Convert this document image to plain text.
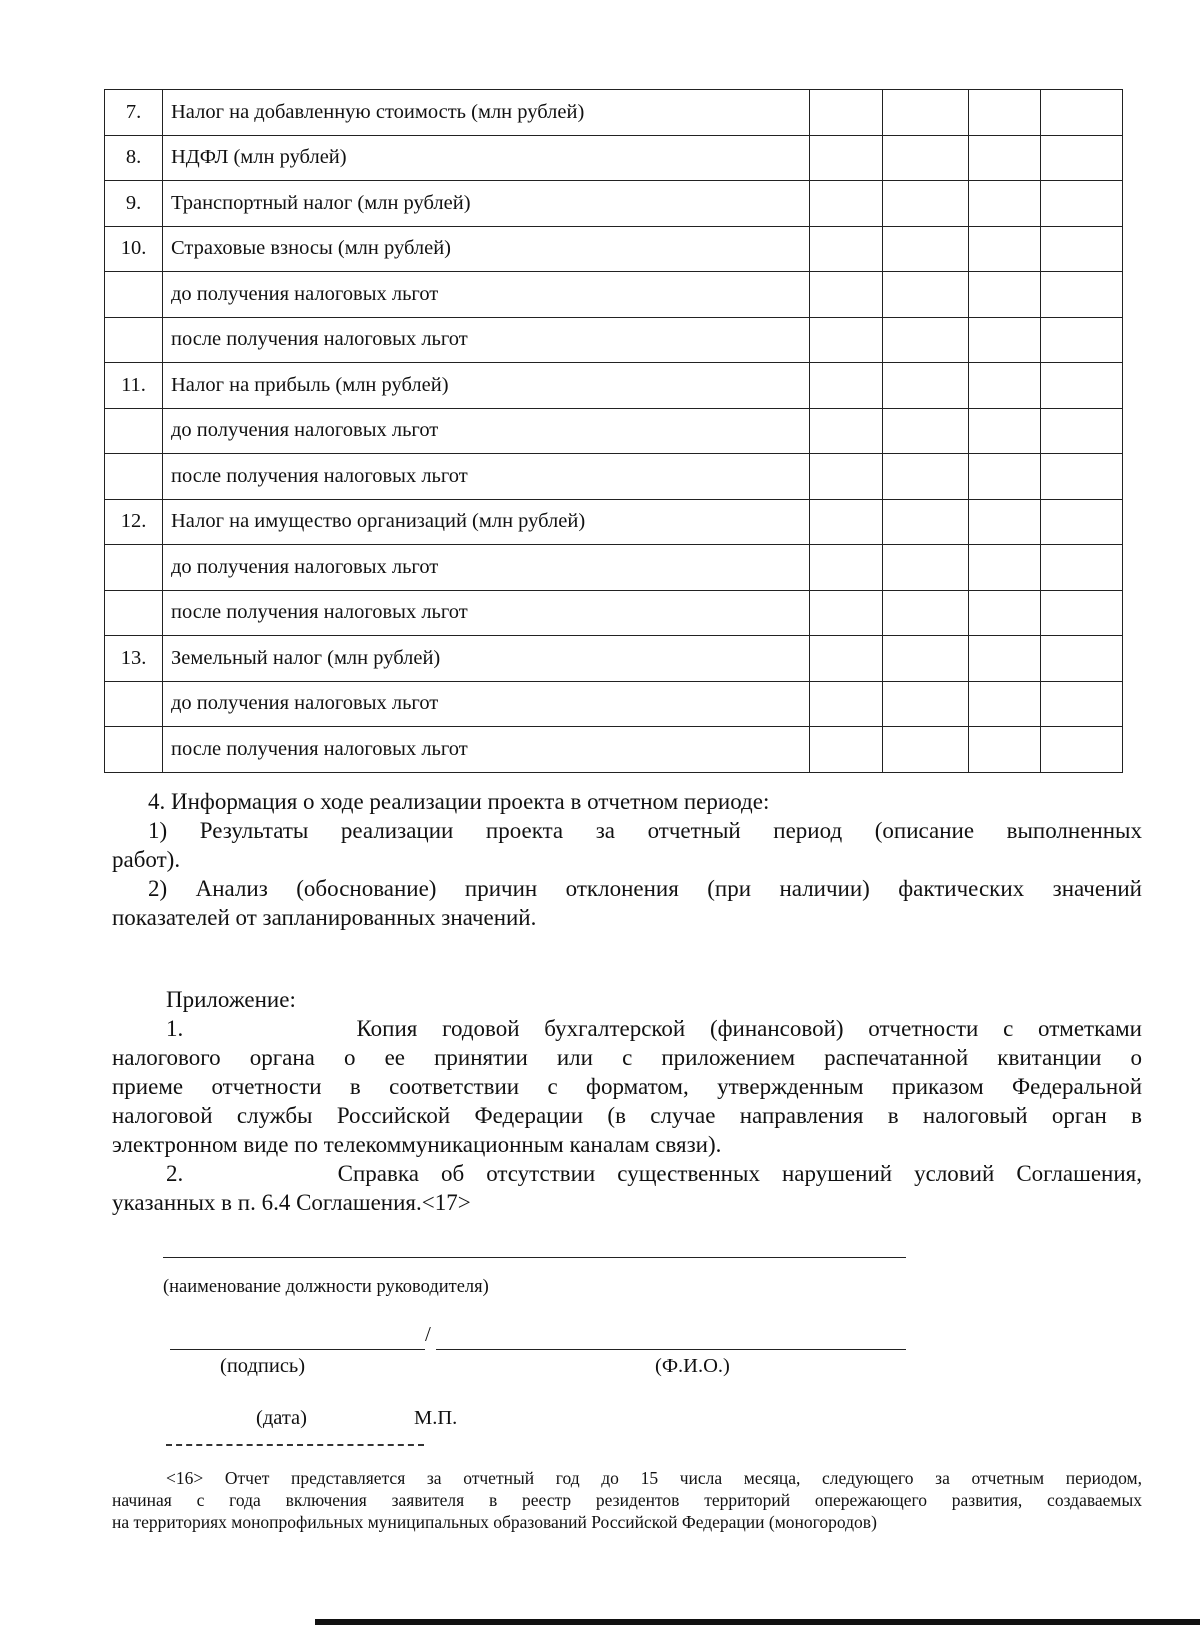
7.	Налог на добавленную стоимость (млн рублей)				
8.	НДФЛ (млн рублей)				
9.	Транспортный налог (млн рублей)				
10.	Страховые взносы (млн рублей)				
	до получения налоговых льгот				
	после получения налоговых льгот				
11.	Налог на прибыль (млн рублей)				
	до получения налоговых льгот				
	после получения налоговых льгот				
12.	Налог на имущество организаций (млн рублей)				
	до получения налоговых льгот				
	после получения налоговых льгот				
13.	Земельный налог (млн рублей)				
	до получения налоговых льгот				
	после получения налоговых льгот				
4. Информация о ходе реализации проекта в отчетном периоде:
1) Результаты реализации проекта за отчетный период (описание выполненных
работ).
2) Анализ (обоснование) причин отклонения (при наличии) фактических значений
показателей от запланированных значений.
Приложение:
1.       Копия годовой бухгалтерской (финансовой) отчетности с отметками
налогового органа о ее принятии или с приложением распечатанной квитанции о
приеме отчетности в соответствии с форматом, утвержденным приказом Федеральной
налоговой службы Российской Федерации (в случае направления в налоговый орган в
электронном виде по телекоммуникационным каналам связи).
2.       Справка об отсутствии существенных нарушений условий Соглашения,
указанных в п. 6.4 Соглашения.<17>
(наименование должности руководителя)
/
(подпись)	(Ф.И.О.)
(дата)	М.П.
<16> Отчет представляется за отчетный год до 15 числа месяца, следующего за отчетным периодом,
начиная с года включения заявителя в реестр резидентов территорий опережающего развития, создаваемых
на территориях монопрофильных муниципальных образований Российской Федерации (моногородов)
